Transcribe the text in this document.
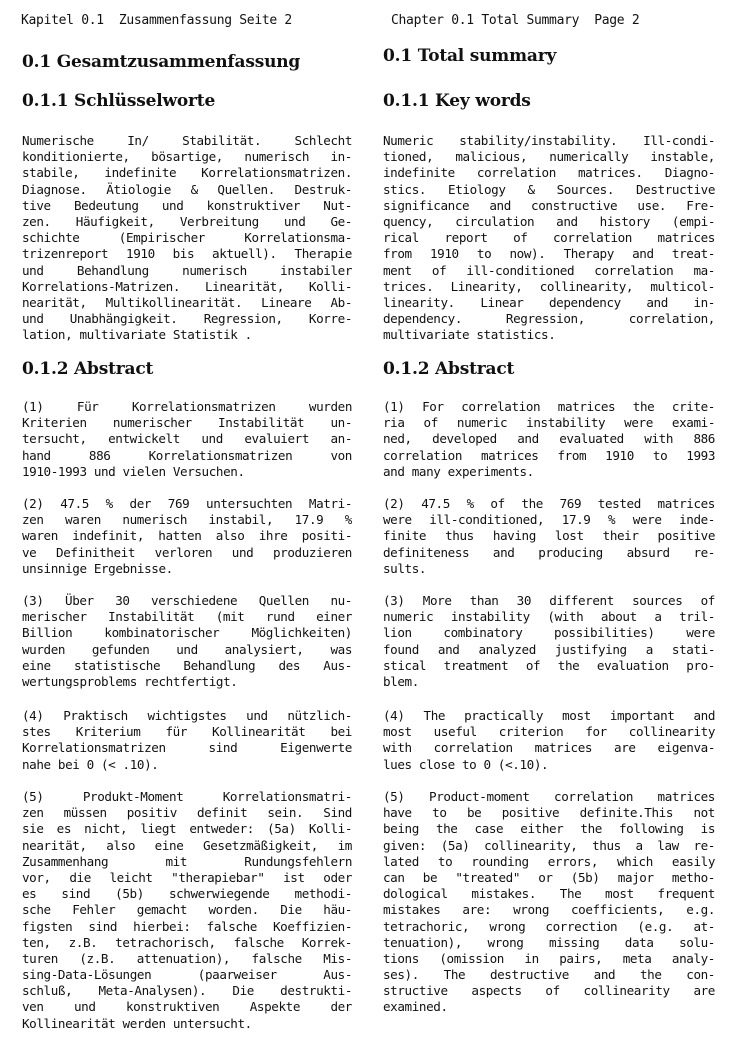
Kapitel 0.1  Zusammenfassung Seite 2
0.1 Gesamtzusammenfassung
0.1.1 Schlüsselworte
Numerische In/ Stabilität. Schlecht
konditionierte, bösartige, numerisch in-
stabile, indefinite Korrelationsmatrizen.
Diagnose. Ätiologie & Quellen. Destruk-
tive Bedeutung und konstruktiver Nut-
zen. Häufigkeit, Verbreitung und Ge-
schichte (Empirischer Korrelationsma-
trizenreport 1910 bis aktuell). Therapie
und Behandlung numerisch instabiler
Korrelations-Matrizen. Linearität, Kolli-
nearität, Multikollinearität. Lineare Ab-
und Unabhängigkeit. Regression, Korre-
lation, multivariate Statistik .
0.1.2 Abstract
(1) Für Korrelationsmatrizen wurden
Kriterien numerischer Instabilität un-
tersucht, entwickelt und evaluiert an-
hand 886 Korrelationsmatrizen von
1910-1993 und vielen Versuchen.
(2) 47.5 % der 769 untersuchten Matri-
zen waren numerisch instabil, 17.9 %
waren indefinit, hatten also ihre positi-
ve Definitheit verloren und produzieren
unsinnige Ergebnisse.
(3) Über 30 verschiedene Quellen nu-
merischer Instabilität (mit rund einer
Billion kombinatorischer Möglichkeiten)
wurden gefunden und analysiert, was
eine statistische Behandlung des Aus-
wertungsproblems rechtfertigt.
(4) Praktisch wichtigstes und nützlich-
stes Kriterium für Kollinearität bei
Korrelationsmatrizen sind Eigenwerte
nahe bei 0 (< .10).
(5) Produkt-Moment Korrelationsmatri-
zen müssen positiv definit sein. Sind
sie es nicht, liegt entweder: (5a) Kolli-
nearität, also eine Gesetzmäßigkeit, im
Zusammenhang mit Rundungsfehlern
vor, die leicht "therapiebar" ist oder
es sind (5b) schwerwiegende methodi-
sche Fehler gemacht worden. Die häu-
figsten sind hierbei: falsche Koeffizien-
ten, z.B. tetrachorisch, falsche Korrek-
turen (z.B. attenuation), falsche Mis-
sing-Data-Lösungen (paarweiser Aus-
schluß, Meta-Analysen). Die destrukti-
ven und konstruktiven Aspekte der
Kollinearität werden untersucht.
Chapter 0.1 Total Summary  Page 2
0.1 Total summary
0.1.1 Key words
Numeric stability/instability. Ill-condi-
tioned, malicious, numerically instable,
indefinite correlation matrices. Diagno-
stics. Etiology & Sources. Destructive
significance and constructive use. Fre-
quency, circulation and history (empi-
rical report of correlation matrices
from 1910 to now). Therapy and treat-
ment of ill-conditioned correlation ma-
trices. Linearity, collinearity, multicol-
linearity. Linear dependency and in-
dependency. Regression, correlation,
multivariate statistics.
0.1.2 Abstract
(1) For correlation matrices the crite-
ria of numeric instability were exami-
ned, developed and evaluated with 886
correlation matrices from 1910 to 1993
and many experiments.
(2) 47.5 % of the 769 tested matrices
were ill-conditioned, 17.9 % were inde-
finite thus having lost their positive
definiteness and producing absurd re-
sults.
(3) More than 30 different sources of
numeric instability (with about a tril-
lion combinatory possibilities) were
found and analyzed justifying a stati-
stical treatment of the evaluation pro-
blem.
(4) The practically most important and
most useful criterion for collinearity
with correlation matrices are eigenva-
lues close to 0 (<.10).
(5) Product-moment correlation matrices
have to be positive definite.This not
being the case either the following is
given: (5a) collinearity, thus a law re-
lated to rounding errors, which easily
can be "treated" or (5b) major metho-
dological mistakes. The most frequent
mistakes are: wrong coefficients, e.g.
tetrachoric, wrong correction (e.g. at-
tenuation), wrong missing data solu-
tions (omission in pairs, meta analy-
ses). The destructive and the con-
structive aspects of collinearity are
examined.
